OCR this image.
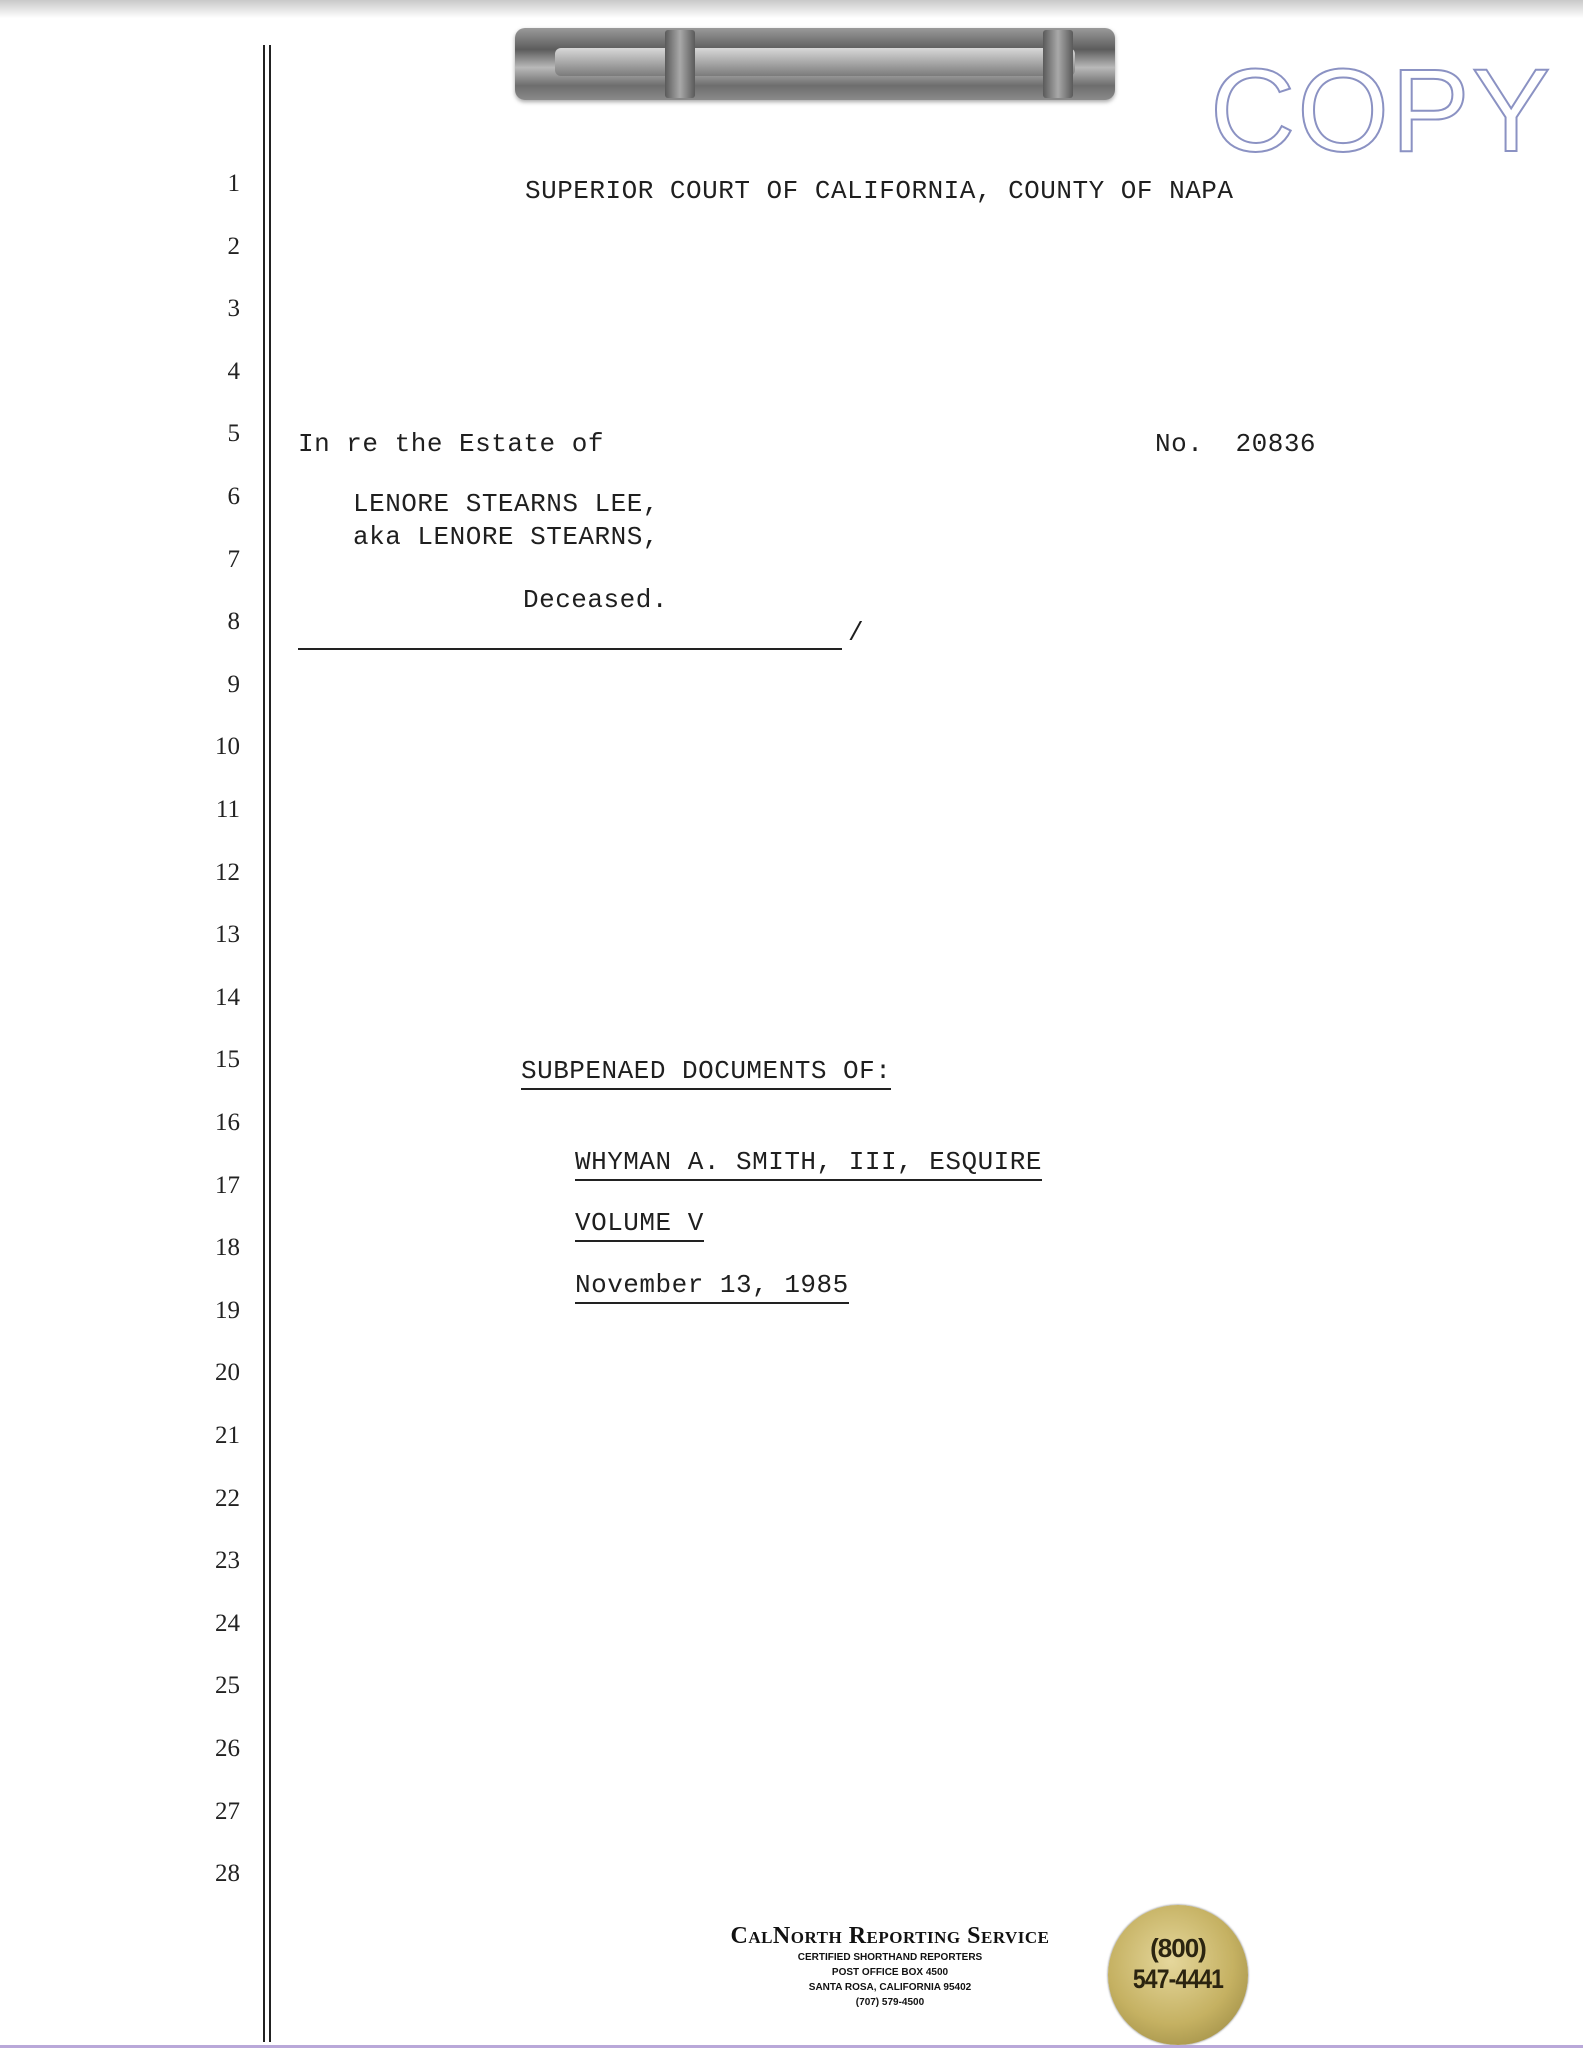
COPY
1
2
3
4
5
6
7
8
9
10
11
12
13
14
15
16
17
18
19
20
21
22
23
24
25
26
27
28
SUPERIOR COURT OF CALIFORNIA, COUNTY OF NAPA
In re the Estate of	No.  20836
LENORE STEARNS LEE,
aka LENORE STEARNS,
Deceased.
/
SUBPENAED DOCUMENTS OF:
WHYMAN A. SMITH, III, ESQUIRE
VOLUME V
November 13, 1985
CalNorth Reporting Service
CERTIFIED SHORTHAND REPORTERS
POST OFFICE BOX 4500
SANTA ROSA, CALIFORNIA 95402
(707) 579-4500
(800)
547-4441
